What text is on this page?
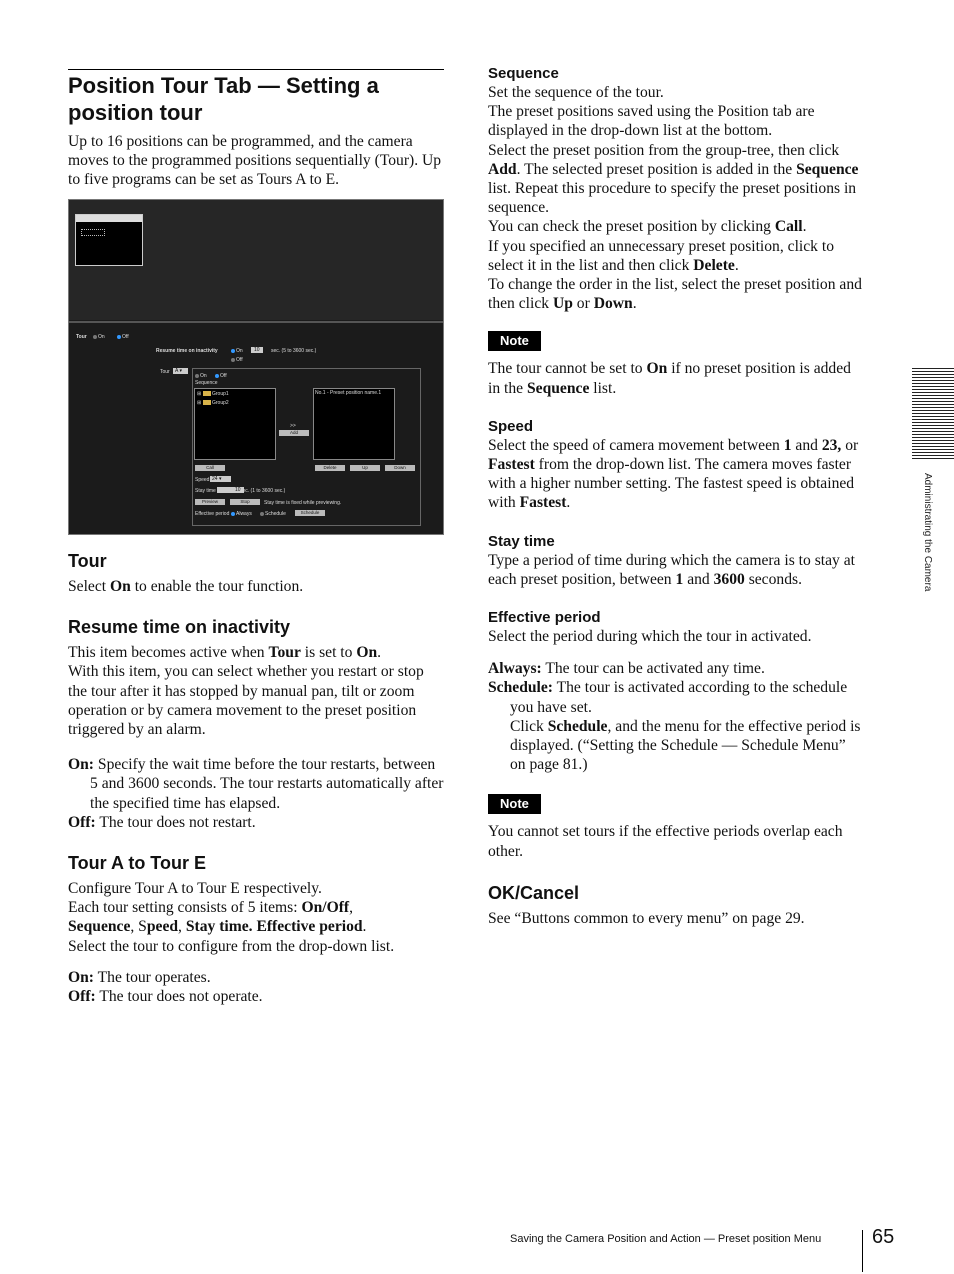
Position Tour Tab — Setting a position tour

Up to 16 positions can be programmed, and the camera moves to the programmed positions sequentially (Tour). Up to five programs can be set as Tours A to E.

Tour	On	Off
Resume time on inactivity	On	10	sec. (5 to 3600 sec.)
Off
Tour	A ▾
On	Off
Sequence
⊞  Group1
⊞  Group2
>>
Add
No.1 - Preset position name.1
Call	Delete	Up	Down
Speed 24 ▾
Stay time	10 sec. (1 to 3600 sec.)
Preview	Stop	Stay time is fixed while previewing.
Effective period	Always	Schedule	Schedule
Tour

Select On to enable the tour function.

Resume time on inactivity

This item becomes active when Tour is set to On.

With this item, you can select whether you restart or stop the tour after it has stopped by manual pan, tilt or zoom operation or by camera movement to the preset position triggered by an alarm.

On: Specify the wait time before the tour restarts, between 5 and 3600 seconds. The tour restarts automatically after the specified time has elapsed.

Off: The tour does not restart.

Tour A to Tour E

Configure Tour A to Tour E respectively.

Each tour setting consists of 5 items: On/Off,
Sequence, Speed, Stay time. Effective period.

Select the tour to configure from the drop-down list.

On: The tour operates.

Off: The tour does not operate.

Sequence

Set the sequence of the tour.

The preset positions saved using the Position tab are displayed in the drop-down list at the bottom.

Select the preset position from the group-tree, then click Add. The selected preset position is added in the Sequence list. Repeat this procedure to specify the preset positions in sequence.

You can check the preset position by clicking Call.

If you specified an unnecessary preset position, click to select it in the list and then click Delete.

To change the order in the list, select the preset position and then click Up or Down.

Note

The tour cannot be set to On if no preset position is added in the Sequence list.

Speed

Select the speed of camera movement between 1 and 23, or Fastest from the drop-down list. The camera moves faster with a higher number setting. The fastest speed is obtained with Fastest.

Stay time

Type a period of time during which the camera is to stay at each preset position, between 1 and 3600 seconds.

Effective period

Select the period during which the tour in activated.

Always: The tour can be activated any time.

Schedule: The tour is activated according to the schedule you have set.

Click Schedule, and the menu for the effective period is displayed. (“Setting the Schedule — Schedule Menu” on page 81.)

Note

You cannot set tours if the effective periods overlap each other.

OK/Cancel

See “Buttons common to every menu” on page 29.

Administrating the Camera
Saving the Camera Position and Action — Preset position Menu	65
